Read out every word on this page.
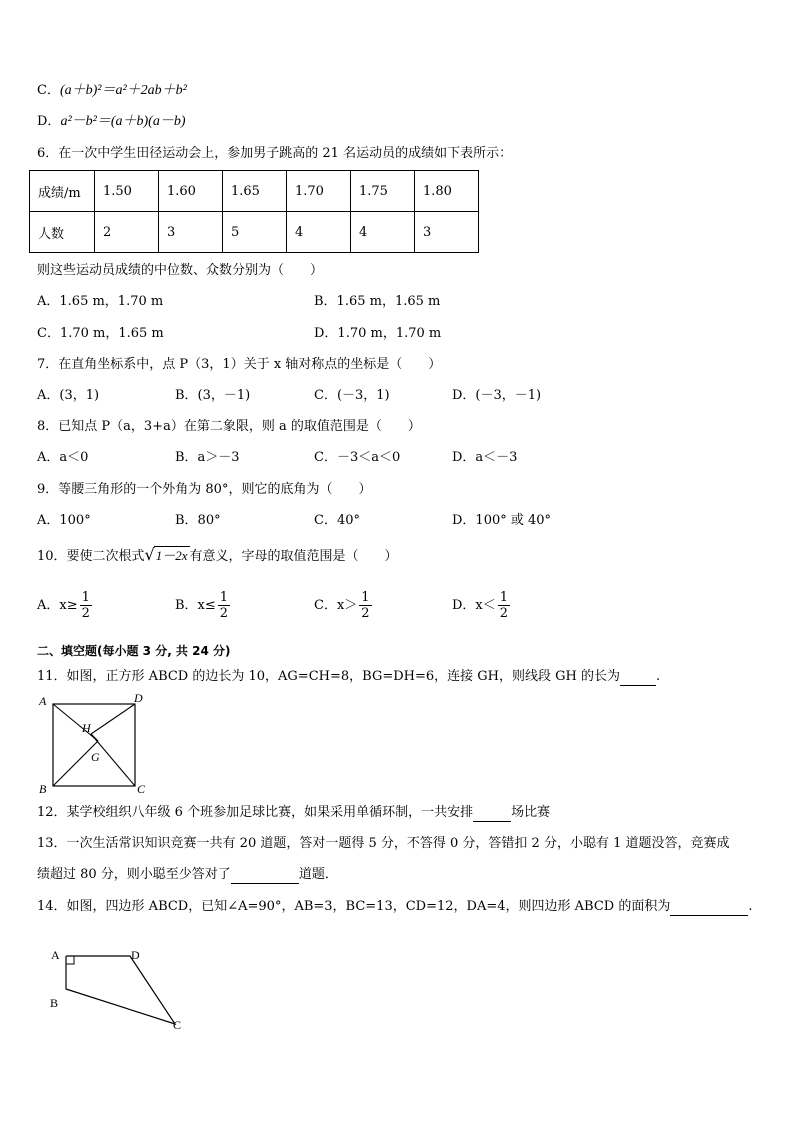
C．(a＋b)²＝a²＋2ab＋b²
D．a²－b²＝(a＋b)(a－b)
6．在一次中学生田径运动会上，参加男子跳高的 21 名运动员的成绩如下表所示：
成绩/m	1.50	1.60	1.65	1.70	1.75	1.80
人数	2	3	5	4	4	3
则这些运动员成绩的中位数、众数分别为（　　）
A．1.65 m，1.70 m	B．1.65 m，1.65 m
C．1.70 m，1.65 m	D．1.70 m，1.70 m
7．在直角坐标系中，点 P（3，1）关于 x 轴对称点的坐标是（　　）
A．(3，1)	B．(3，－1)	C．(－3，1)	D．(－3，－1)
8．已知点 P（a，3+a）在第二象限，则 a 的取值范围是（　　）
A．a＜0	B．a＞－3	C．－3＜a＜0	D．a＜－3
9．等腰三角形的一个外角为 80°，则它的底角为（　　）
A．100°	B．80°	C．40°	D．100° 或 40°
10．要使二次根式√1－2x 有意义，字母的取值范围是（　　）
A．$x\ge \frac{1}{2}$	B．$x\le \frac{1}{2}$	C．$x> \frac{1}{2}$	D．$x< \frac{1}{2}$
二、填空题(每小题 3 分, 共 24 分)
11．如图，正方形 ABCD 的边长为 10，AG=CH=8，BG=DH=6，连接 GH，则线段 GH 的长为	.
A	D
B	C
H
G
12．某学校组织八年级 6 个班参加足球比赛，如果采用单循环制，一共安排	场比赛
13．一次生活常识知识竞赛一共有 20 道题，答对一题得 5 分，不答得 0 分，答错扣 2 分，小聪有 1 道题没答，竞赛成
绩超过 80 分，则小聪至少答对了	道题．
14．如图，四边形 ABCD，已知∠A=90°，AB=3，BC=13，CD=12，DA=4，则四边形 ABCD 的面积为	.
A	D
B
C
